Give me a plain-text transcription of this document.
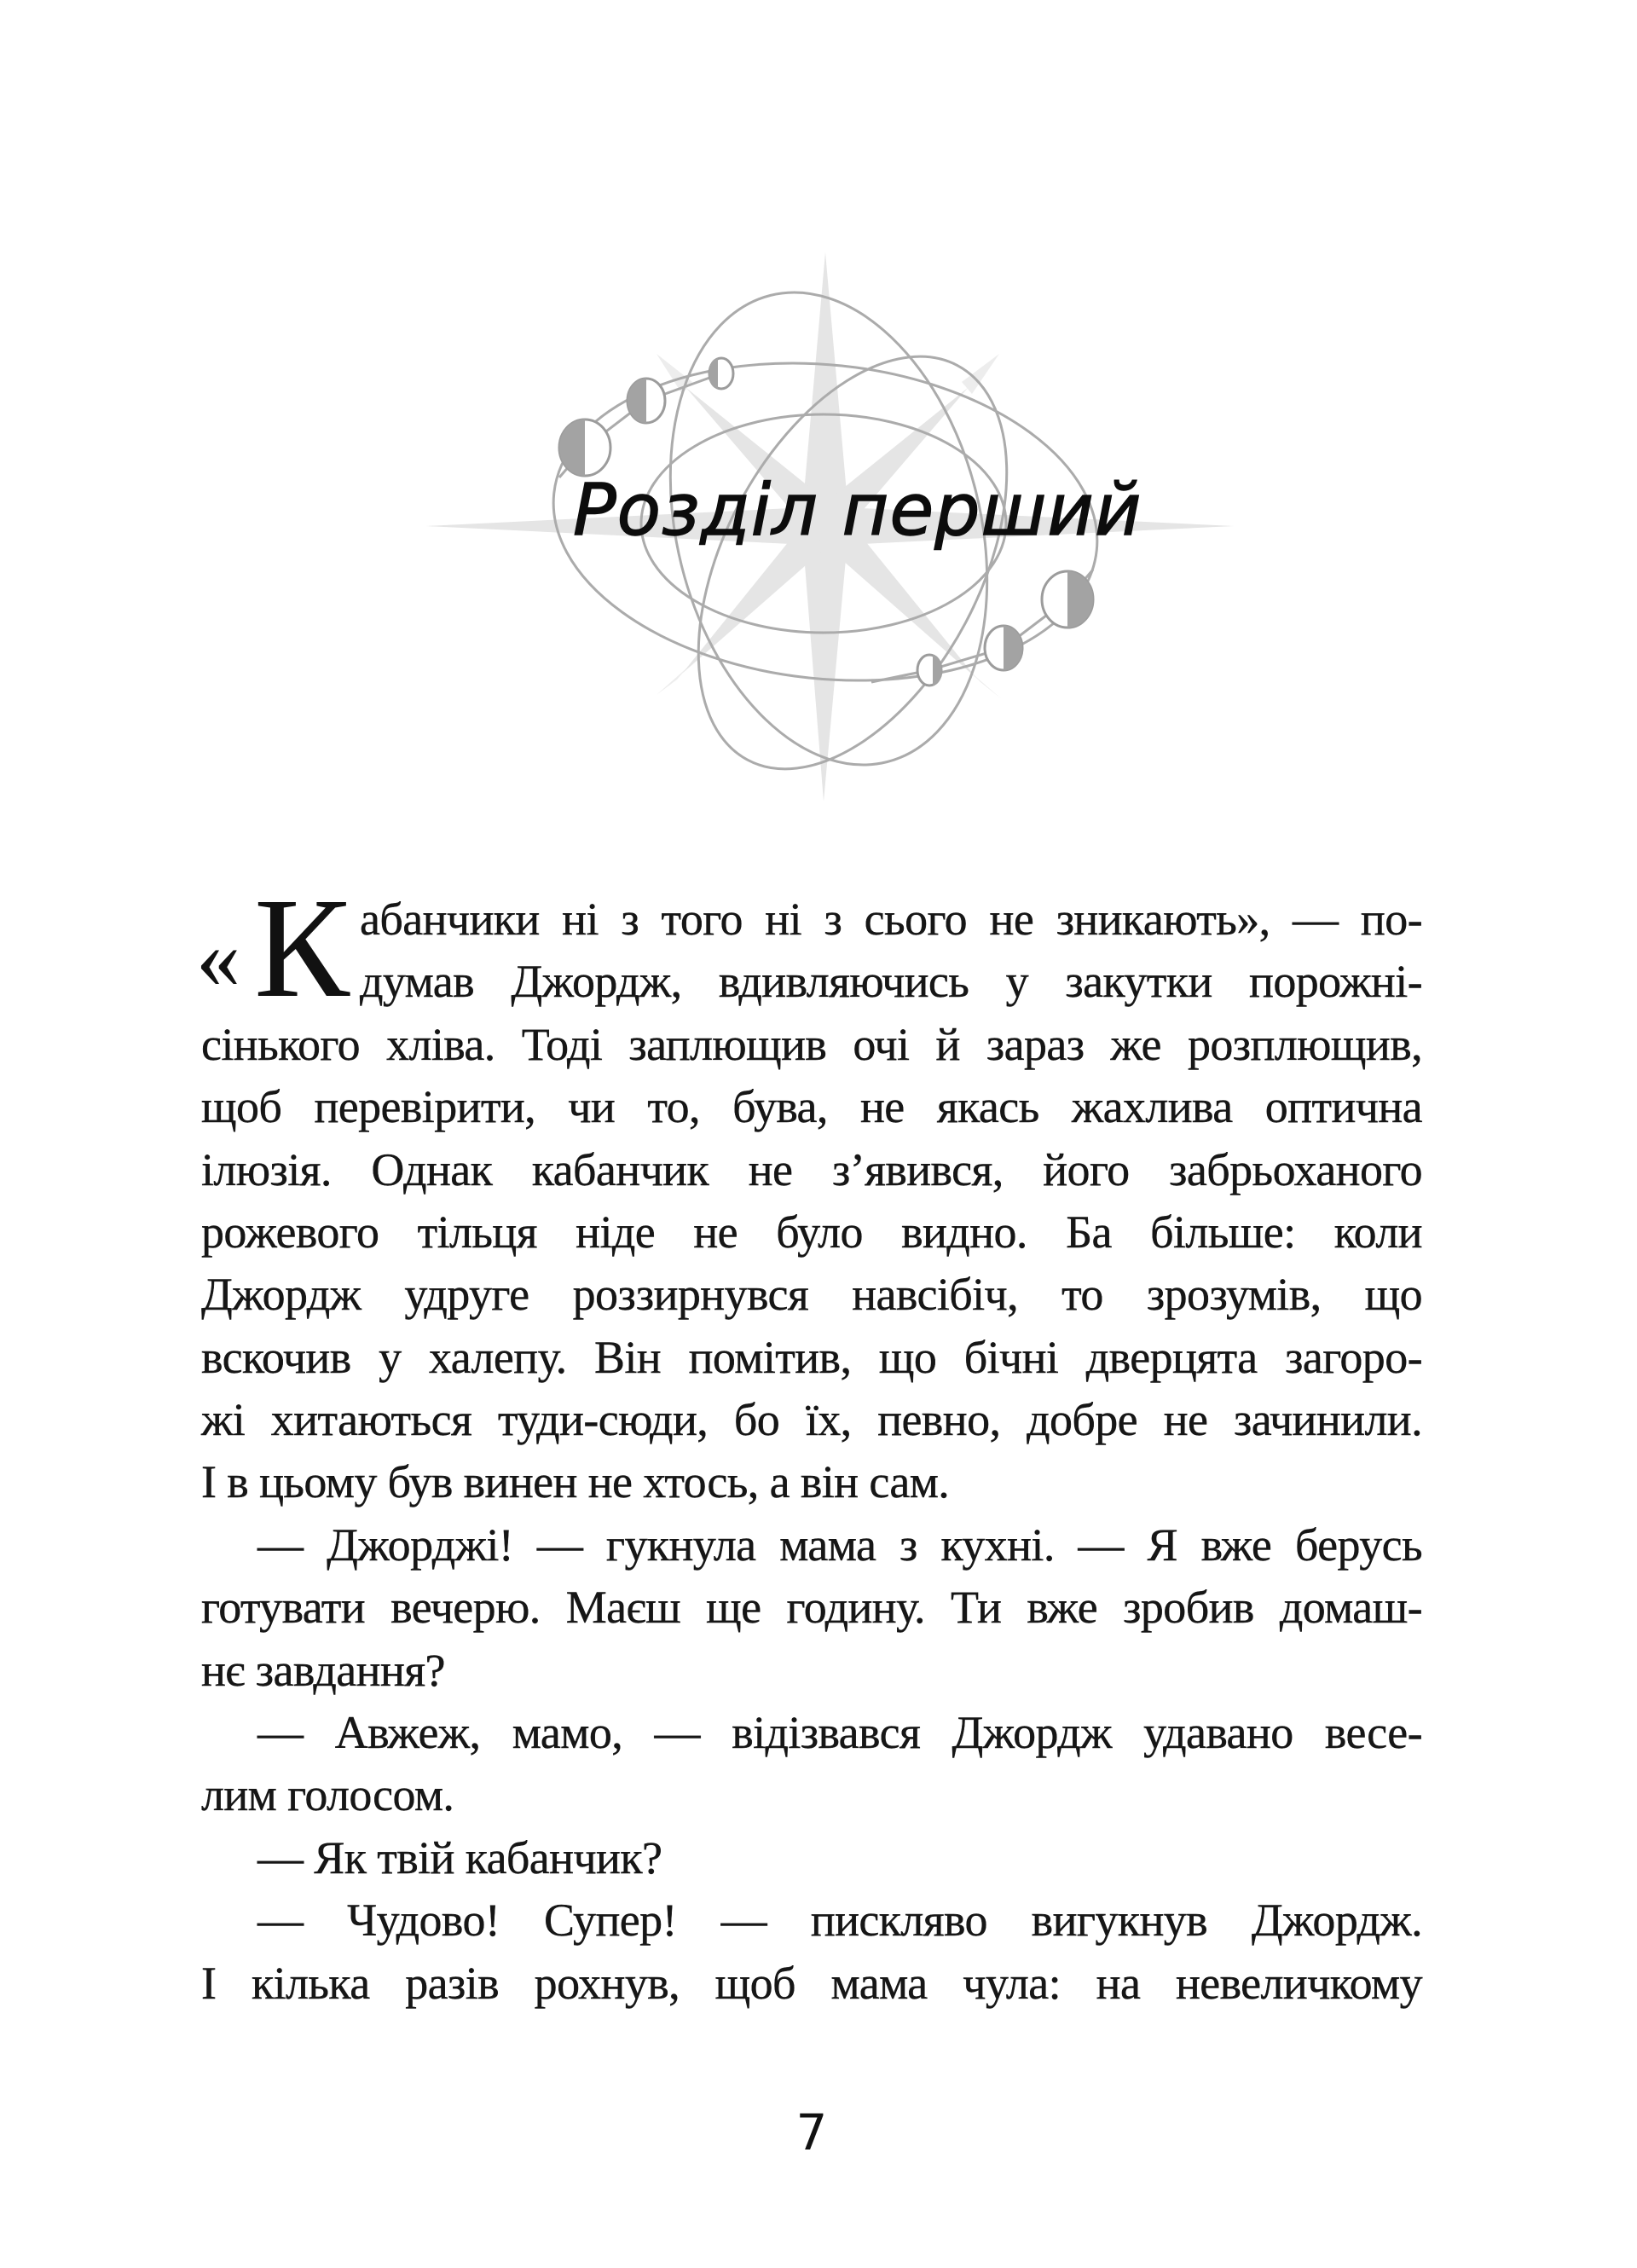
Розділ перший
« К абанчики ні з того ні з сього не зникають», — по-
думав Джордж, вдивляючись у закутки порожні-
сінького хліва. Тоді заплющив очі й зараз же розплющив,
щоб перевірити, чи то, бува, не якась жахлива оптична
ілюзія. Однак кабанчик не з’явився, його забрьоханого
рожевого тільця ніде не було видно. Ба більше: коли
Джордж удруге роззирнувся навсібіч, то зрозумів, що
вскочив у халепу. Він помітив, що бічні дверцята загоро-
жі хитаються туди-сюди, бо їх, певно, добре не зачинили.
І в цьому був винен не хтось, а він сам.
— Джорджі! — гукнула мама з кухні. — Я вже берусь
готувати вечерю. Маєш ще годину. Ти вже зробив домаш-
нє завдання?
— Авжеж, мамо, — відізвався Джордж удавано весе-
лим голосом.
— Як твій кабанчик?
— Чудово! Супер! — пискляво вигукнув Джордж.
І кілька разів рохнув, щоб мама чула: на невеличкому
7
